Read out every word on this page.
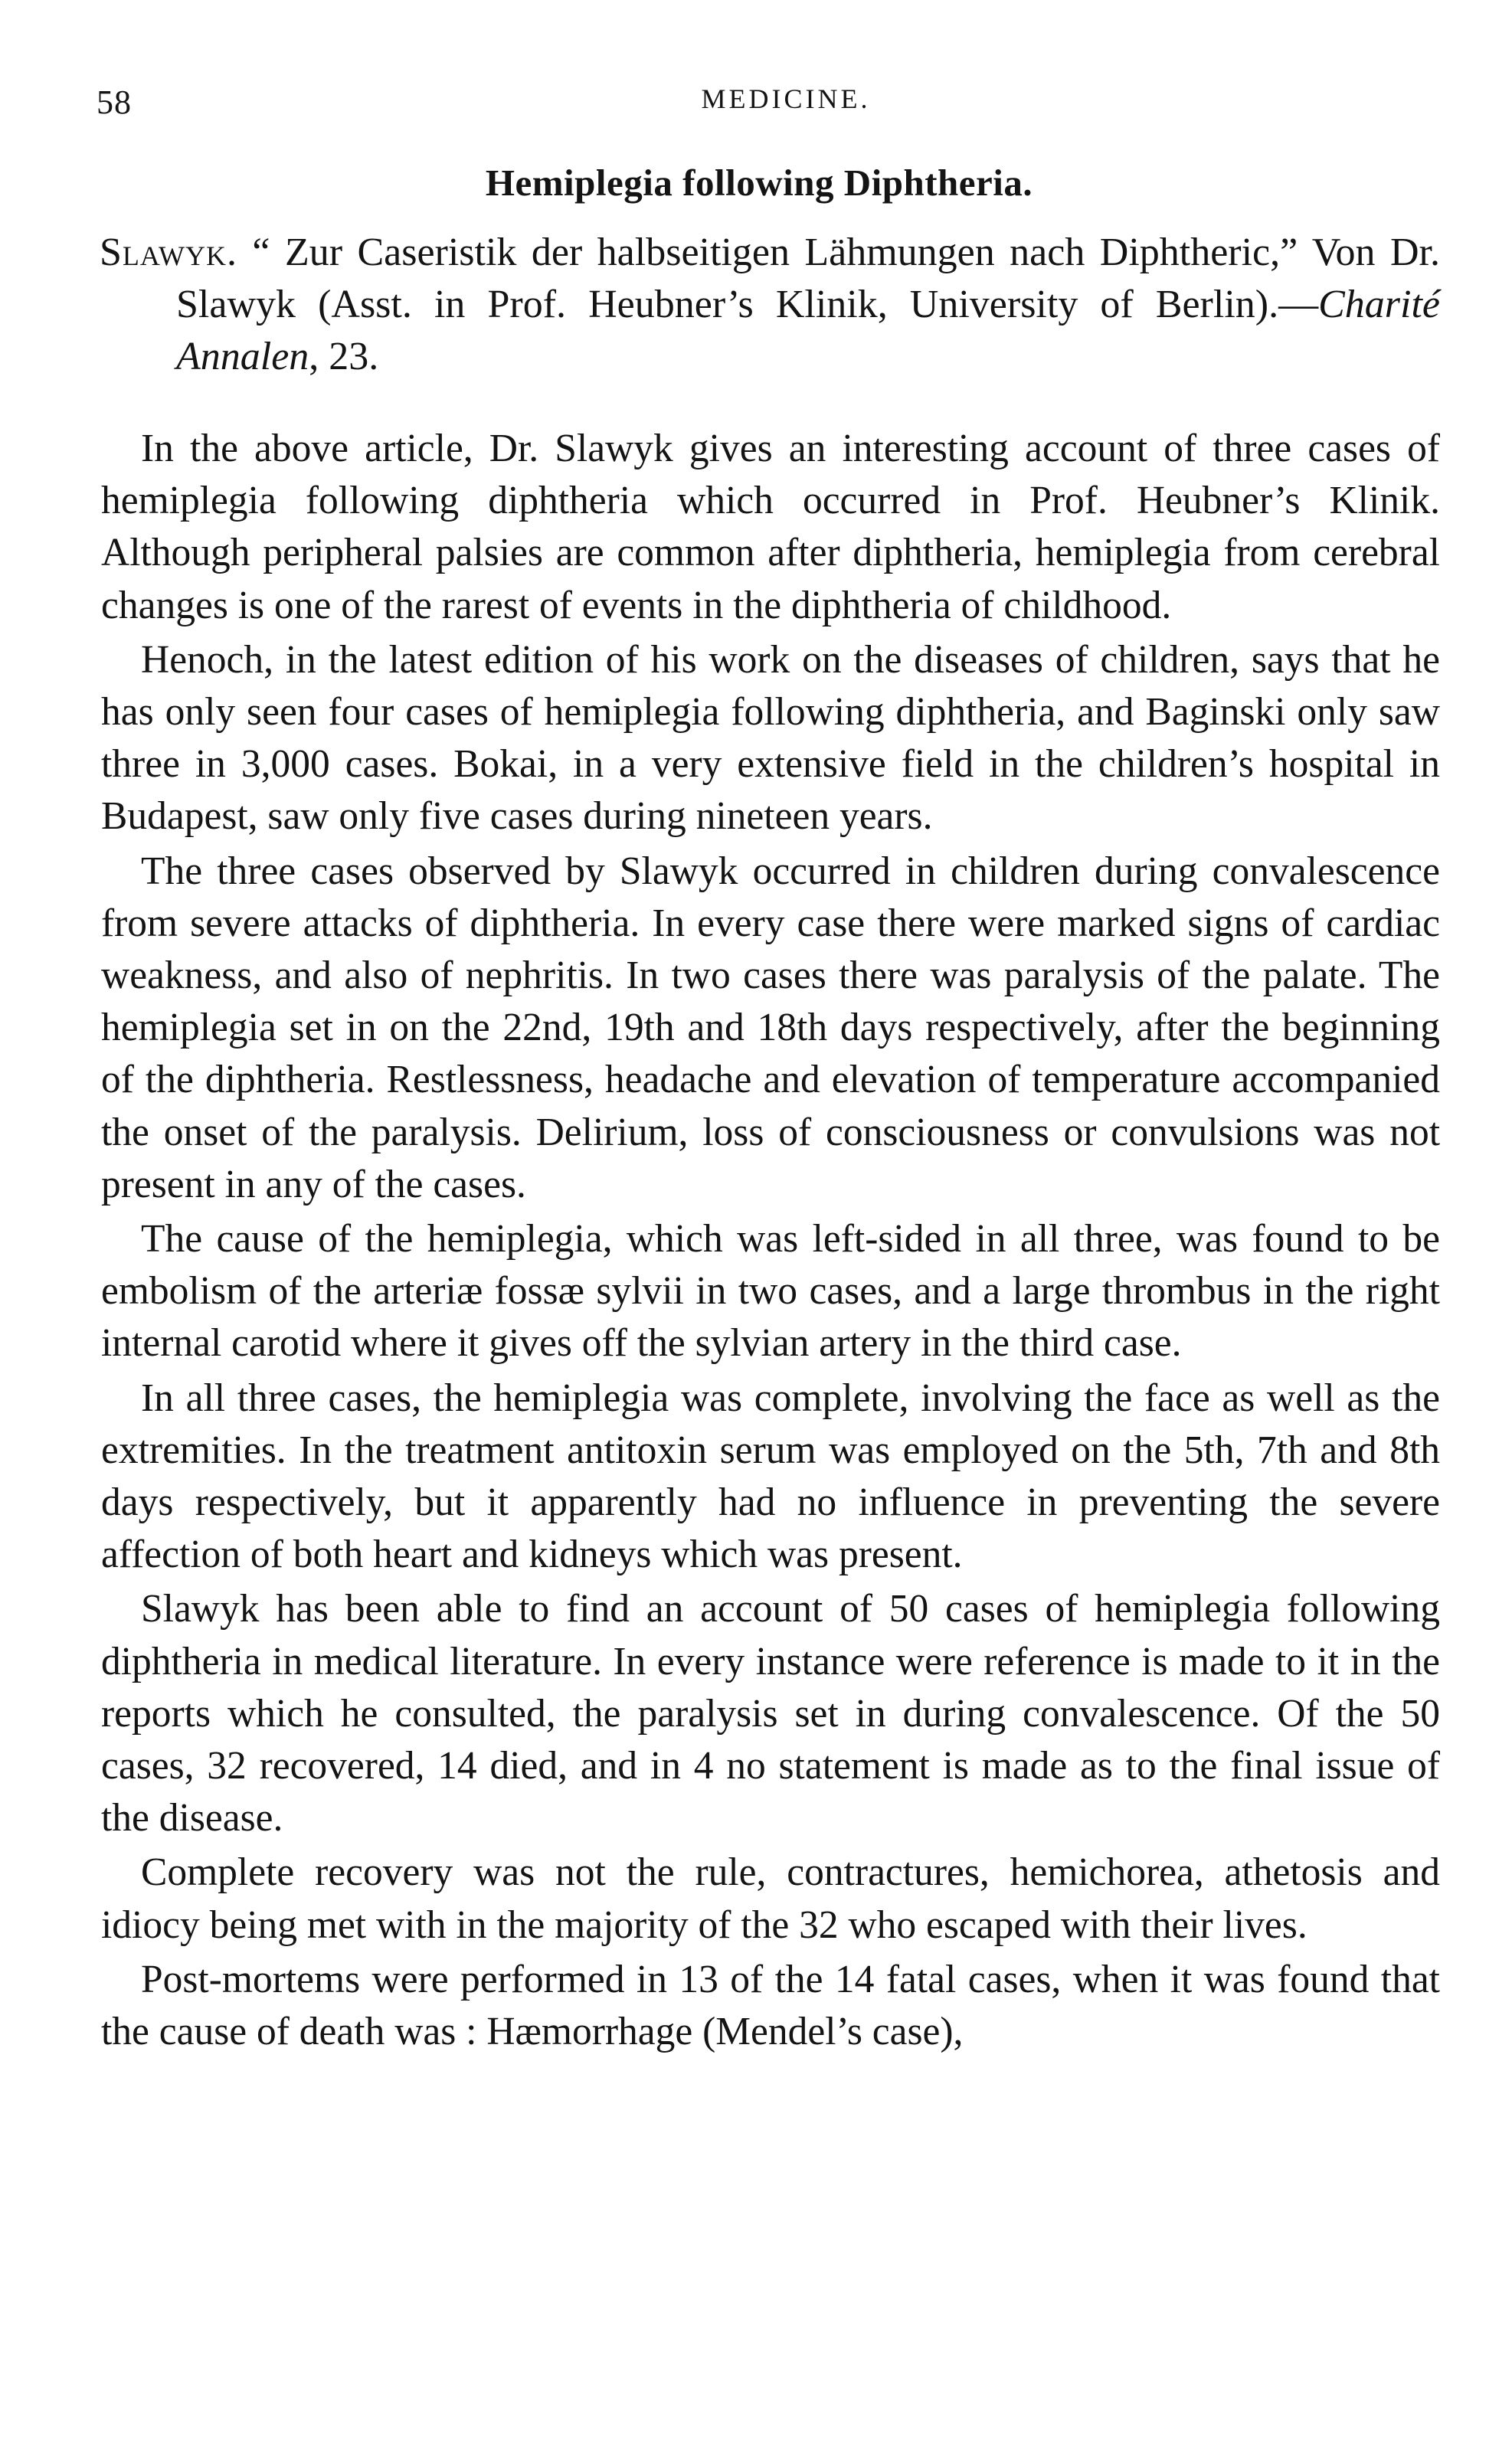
58	MEDICINE.
Hemiplegia following Diphtheria.
Slawyk. “ Zur Caseristik der halbseitigen Lähmungen nach Diphtheric,” Von Dr. Slawyk (Asst. in Prof. Heubner’s Klinik, University of Berlin).—Charité Annalen, 23.

In the above article, Dr. Slawyk gives an interesting account of three cases of hemiplegia following diphtheria which occurred in Prof. Heubner’s Klinik. Although peripheral palsies are common after diphtheria, hemiplegia from cerebral changes is one of the rarest of events in the diphtheria of childhood.

Henoch, in the latest edition of his work on the diseases of children, says that he has only seen four cases of hemiplegia following diphtheria, and Baginski only saw three in 3,000 cases. Bokai, in a very extensive field in the children’s hospital in Budapest, saw only five cases during nineteen years.

The three cases observed by Slawyk occurred in children during convalescence from severe attacks of diphtheria. In every case there were marked signs of cardiac weakness, and also of nephritis. In two cases there was paralysis of the palate. The hemiplegia set in on the 22nd, 19th and 18th days respectively, after the beginning of the diphtheria. Restlessness, headache and elevation of temperature accompanied the onset of the paralysis. Delirium, loss of consciousness or convulsions was not present in any of the cases.

The cause of the hemiplegia, which was left-sided in all three, was found to be embolism of the arteriæ fossæ sylvii in two cases, and a large thrombus in the right internal carotid where it gives off the sylvian artery in the third case.

In all three cases, the hemiplegia was complete, involving the face as well as the extremities. In the treatment antitoxin serum was employed on the 5th, 7th and 8th days respectively, but it apparently had no influence in preventing the severe affection of both heart and kidneys which was present.

Slawyk has been able to find an account of 50 cases of hemiplegia following diphtheria in medical literature. In every instance were reference is made to it in the reports which he consulted, the paralysis set in during convalescence. Of the 50 cases, 32 recovered, 14 died, and in 4 no statement is made as to the final issue of the disease.

Complete recovery was not the rule, contractures, hemichorea, athetosis and idiocy being met with in the majority of the 32 who escaped with their lives.

Post-mortems were performed in 13 of the 14 fatal cases, when it was found that the cause of death was : Hæmorrhage (Mendel’s case),
